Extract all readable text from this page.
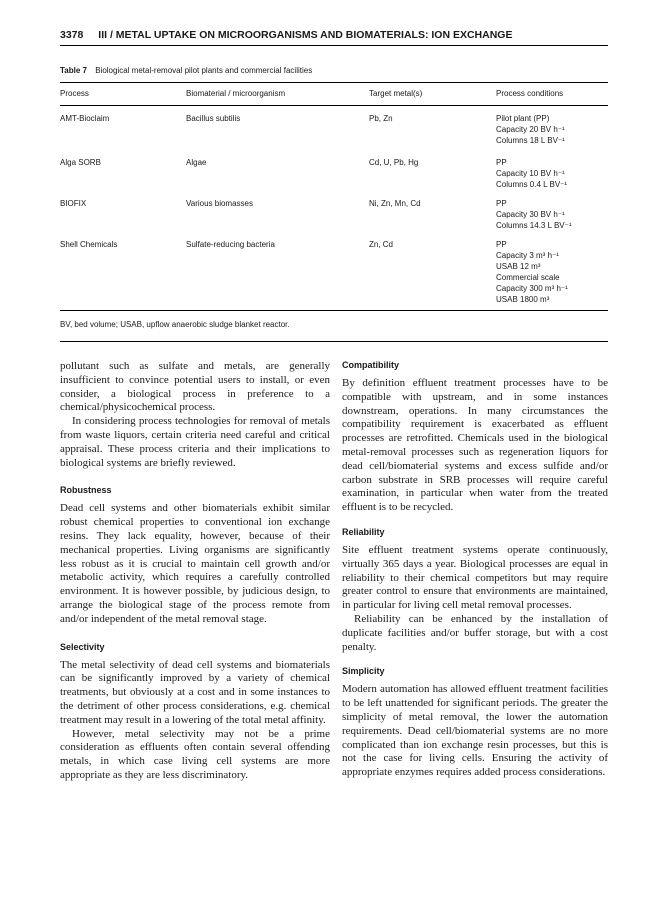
3378 III / METAL UPTAKE ON MICROORGANISMS AND BIOMATERIALS: ION EXCHANGE
Table 7 Biological metal-removal pilot plants and commercial facilities
Process	Biomaterial / microorganism	Target metal(s)	Process conditions
AMT-Bioclaim	Bacillus subtilis	Pb, Zn	Pilot plant (PP)
Capacity 20 BV h⁻¹
Columns 18 L BV⁻¹
Alga SORB	Algae	Cd, U, Pb, Hg	PP
Capacity 10 BV h⁻¹
Columns 0.4 L BV⁻¹
BIOFIX	Various biomasses	Ni, Zn, Mn, Cd	PP
Capacity 30 BV h⁻¹
Columns 14.3 L BV⁻¹
Shell Chemicals	Sulfate-reducing bacteria	Zn, Cd	PP
Capacity 3 m³ h⁻¹
USAB 12 m³
Commercial scale
Capacity 300 m³ h⁻¹
USAB 1800 m³
BV, bed volume; USAB, upflow anaerobic sludge blanket reactor.

pollutant such as sulfate and metals, are generally insufficient to convince potential users to install, or even consider, a biological process in preference to a chemical/physicochemical process.

In considering process technologies for removal of metals from waste liquors, certain criteria need careful and critical appraisal. These process criteria and their implications to biological systems are briefly reviewed.

Robustness

Dead cell systems and other biomaterials exhibit similar robust chemical properties to conventional ion exchange resins. They lack equality, however, because of their mechanical properties. Living organisms are significantly less robust as it is crucial to maintain cell growth and/or metabolic activity, which requires a carefully controlled environment. It is however possible, by judicious design, to arrange the biological stage of the process remote from and/or independent of the metal removal stage.

Selectivity

The metal selectivity of dead cell systems and biomaterials can be significantly improved by a variety of chemical treatments, but obviously at a cost and in some instances to the detriment of other process considerations, e.g. chemical treatment may result in a lowering of the total metal affinity.

However, metal selectivity may not be a prime consideration as effluents often contain several offending metals, in which case living cell systems are more appropriate as they are less discriminatory.

Compatibility

By definition effluent treatment processes have to be compatible with upstream, and in some instances downstream, operations. In many circumstances the compatibility requirement is exacerbated as effluent processes are retrofitted. Chemicals used in the biological metal-removal processes such as regeneration liquors for dead cell/biomaterial systems and excess sulfide and/or carbon substrate in SRB processes will require careful examination, in particular when water from the treated effluent is to be recycled.

Reliability

Site effluent treatment systems operate continuously, virtually 365 days a year. Biological processes are equal in reliability to their chemical competitors but may require greater control to ensure that environments are maintained, in particular for living cell metal removal processes.

Reliability can be enhanced by the installation of duplicate facilities and/or buffer storage, but with a cost penalty.

Simplicity

Modern automation has allowed effluent treatment facilities to be left unattended for significant periods. The greater the simplicity of metal removal, the lower the automation requirements. Dead cell/biomaterial systems are no more complicated than ion exchange resin processes, but this is not the case for living cells. Ensuring the activity of appropriate enzymes requires added process considerations.
